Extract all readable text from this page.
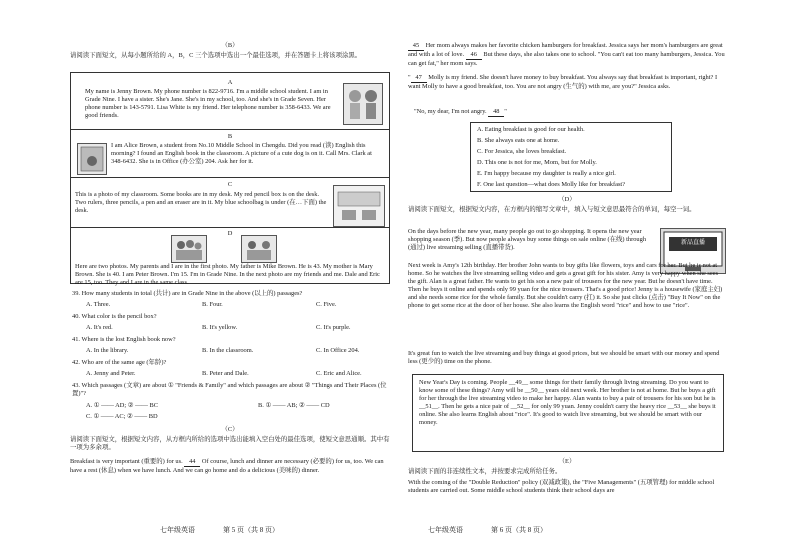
（B）
请阅读下面短文，从每小题所给的 A，B，C 三个选项中选出一个最佳选项，并在答题卡上将该项涂黑。
A
My name is Jenny Brown. My phone number is 822-9716. I'm a middle school student. I am in Grade Nine. I have a sister. She's Jane. She's in my school, too. And she's in Grade Seven. Her phone number is 143-5791. Lisa White is my friend. Her telephone number is 358-6433. We are good friends.
B
I am Alice Brown, a student from No.10 Middle School in Chengdu. Did you read (读) English this morning? I found an English book in the classroom. A picture of a cute dog is on it. Call Mrs. Clark at 348-6432. She is in Office (办公室) 204. Ask her for it.
C
This is a photo of my classroom. Some books are in my desk. My red pencil box is on the desk. Two rulers, three pencils, a pen and an eraser are in it. My blue schoolbag is under (在…下面) the desk.
D
Here are two photos. My parents and I are in the first photo. My father is Mike Brown. He is 43. My mother is Mary Brown. She is 40. I am Peter Brown. I'm 15. I'm in Grade Nine. In the next photo are my friends and me. Dale and Eric are 15, too. They and I are in the same class.
39. How many students in total (共计) are in Grade Nine in the above (以上的) passages?
A. Three.	B. Four.	C. Five.
40. What color is the pencil box?
A. It's red.	B. It's yellow.	C. It's purple.
41. Where is the lost English book now?
A. In the library.	B. In the classroom.	C. In Office 204.
42. Who are of the same age (年龄)?
A. Jenny and Peter.	B. Peter and Dale.	C. Eric and Alice.
43. Which passages (文章) are about ① "Friends & Family" and which passages are about ② "Things and Their Places (位置)"?
A. ① —— AD; ② —— BC	B. ① —— AB; ② —— CD
C. ① —— AC; ② —— BD
（C）
请阅读下面短文，根据短文内容，从方框内所给的选项中选出能填入空白处的最佳选项，使短文意思通顺。其中有一项为多余项。
Breakfast is very important (重要的) for us. 44 Of course, lunch and dinner are necessary (必要的) for us, too. We can have a rest (休息) when we have lunch. And we can go home and do a delicious (美味的) dinner.
七年级英语　　　　第 5 页（共 8 页）
45 Her mom always makes her favorite chicken hamburgers for breakfast. Jessica says her mom's hamburgers are great and with a lot of love. 46 But these days, she also takes one to school. "You can't eat too many hamburgers, Jessica. You can get fat," her mom says.
" 47 Molly is my friend. She doesn't have money to buy breakfast. You always say that breakfast is important, right? I want Molly to have a good breakfast, too. You are not angry (生气的) with me, are you?" Jessica asks.
"No, my dear, I'm not angry. 48 "
A. Eating breakfast is good for our health.
B. She always eats one at home.
C. For Jessica, she loves breakfast.
D. This one is not for me, Mom, but for Molly.
E. I'm happy because my daughter is really a nice girl.
F. One last question—what does Molly like for breakfast?
（D）
请阅读下面短文，根据短文内容，在方框内的缩写文章中，填入与短文意思最符合的单词，每空一词。
On the days before the new year, many people go out to go shopping. It opens the new year shopping season (季). But now people always buy some things on sale online (在线) through (通过) live streaming selling (直播带货).
新品直播
Next week is Amy's 12th birthday. Her brother John wants to buy gifts like flowers, toys and cars for her. But he is not at home. So he watches the live streaming selling video and gets a great gift for his sister. Amy is very happy when she sees the gift. Alan is a great father. He wants to get his son a new pair of trousers for the new year. But he doesn't have time. Then he buys it online and spends only 99 yuan for the nice trousers. That's a good price! Jenny is a housewife (家庭主妇) and she needs some rice for the whole family. But she couldn't carry (扛) it. So she just clicks (点击) "Buy It Now" on the phone to get some rice at the door of her house. She also learns the English word "rice" and how to use "rice".
It's great fun to watch the live streaming and buy things at good prices, but we should be smart with our money and spend less (更少的) time on the phone.
New Year's Day is coming. People __49__ some things for their family through living streaming. Do you want to know some of these things? Amy will be __50__ years old next week. Her brother is not at home. But he buys a gift for her through the live streaming video to make her happy. Alan wants to buy a pair of trousers for his son but he is __51__. Then he gets a nice pair of __52__ for only 99 yuan. Jenny couldn't carry the heavy rice __53__ she buys it online. She also learns English about "rice". It's good to watch live streaming, but we should be smart with our money.
（E）
请阅读下面的非连续性文本，并按要求完成所给任务。
With the coming of the "Double Reduction" policy (双减政策), the "Five Managements" (五项管理) for middle school students are carried out. Some middle school students think their school days are
七年级英语　　　　第 6 页（共 8 页）
